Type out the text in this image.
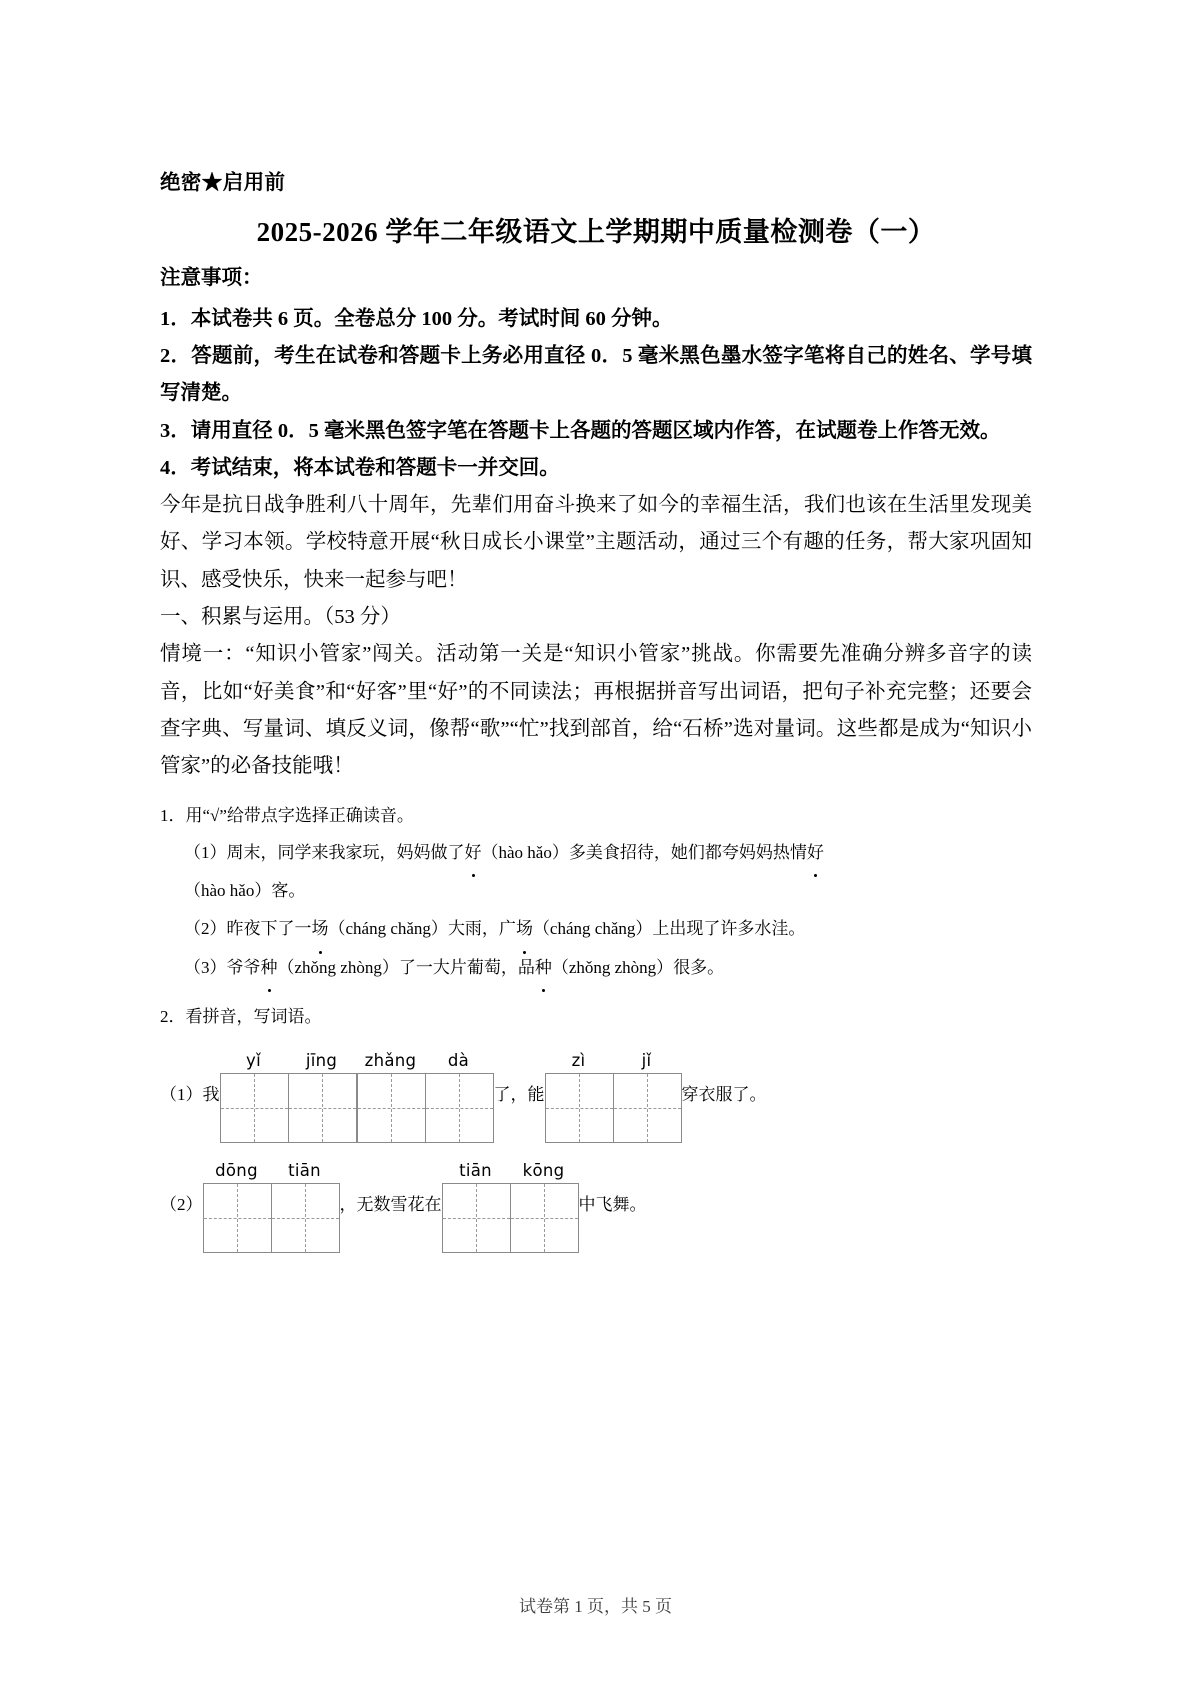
绝密★启用前
2025-2026 学年二年级语文上学期期中质量检测卷（一）
注意事项：
1．本试卷共 6 页。全卷总分 100 分。考试时间 60 分钟。
2．答题前，考生在试卷和答题卡上务必用直径 0．5 毫米黑色墨水签字笔将自己的姓名、学号填写清楚。
3．请用直径 0．5 毫米黑色签字笔在答题卡上各题的答题区域内作答，在试题卷上作答无效。
4．考试结束，将本试卷和答题卡一并交回。
今年是抗日战争胜利八十周年，先辈们用奋斗换来了如今的幸福生活，我们也该在生活里发现美好、学习本领。学校特意开展“秋日成长小课堂”主题活动，通过三个有趣的任务，帮大家巩固知识、感受快乐，快来一起参与吧！
一、积累与运用。（53 分）
情境一：“知识小管家”闯关。活动第一关是“知识小管家”挑战。你需要先准确分辨多音字的读音，比如“好美食”和“好客”里“好”的不同读法；再根据拼音写出词语，把句子补充完整；还要会查字典、写量词、填反义词，像帮“歌”“忙”找到部首，给“石桥”选对量词。这些都是成为“知识小管家”的必备技能哦！
1．用“√”给带点字选择正确读音。
（1）周末，同学来我家玩，妈妈做了好（hào hǎo）多美食招待，她们都夸妈妈热情好
（hào hǎo）客。
（2）昨夜下了一场（cháng chǎng）大雨，广场（cháng chǎng）上出现了许多水洼。
（3）爷爷种（zhǒng zhòng）了一大片葡萄，品种（zhǒng zhòng）很多。
2．看拼音，写词语。
（1）我
yǐ	jīng	zhǎng	dà
了，能
zì	jǐ
穿衣服了。
（2）
dōng	tiān
，无数雪花在
tiān	kōng
中飞舞。
试卷第 1 页，共 5 页
